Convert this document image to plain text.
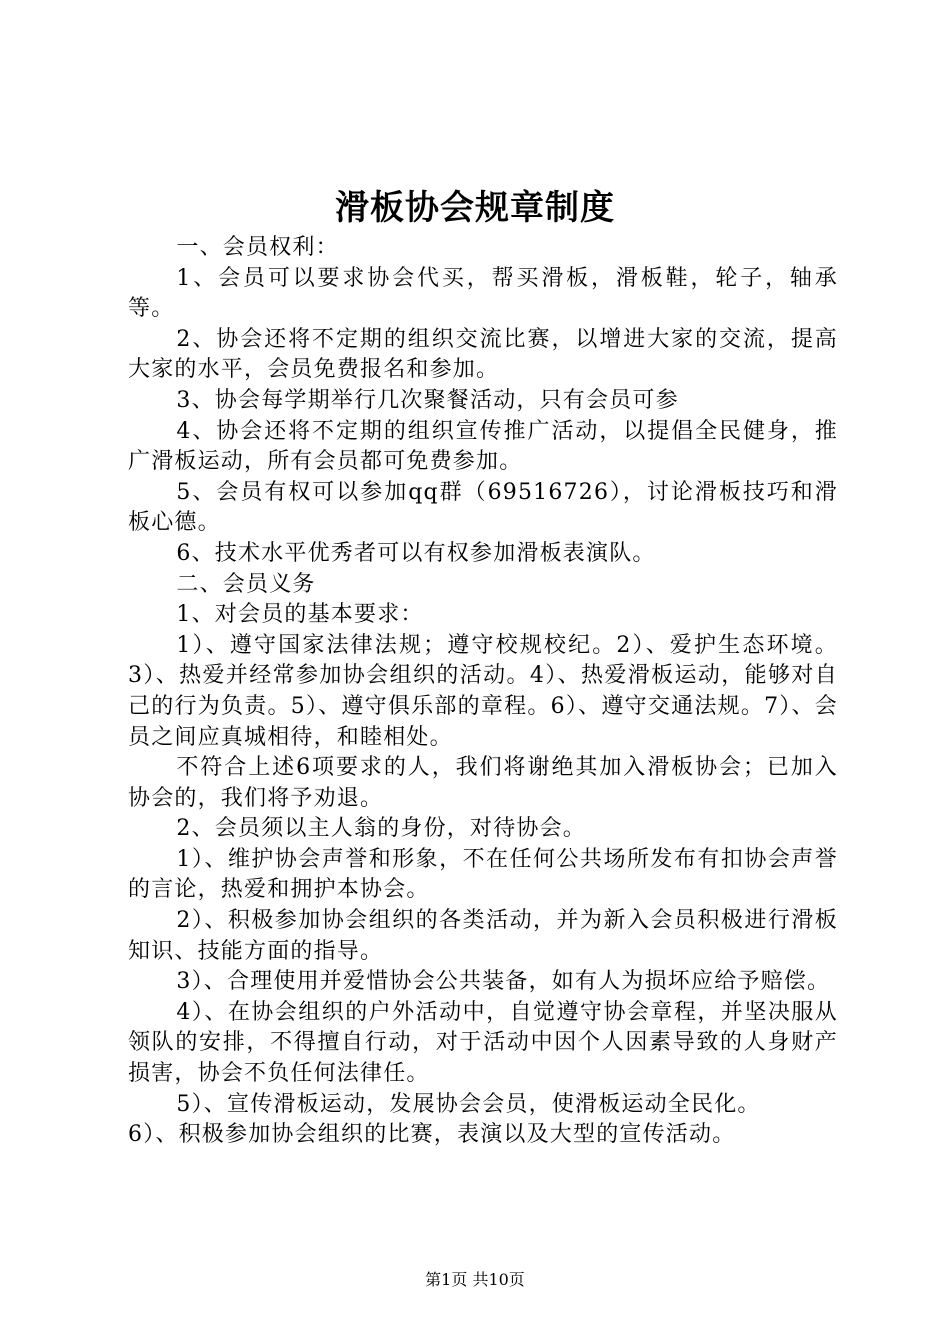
滑板协会规章制度

一、会员权利：

1、会员可以要求协会代买，帮买滑板，滑板鞋，轮子，轴承等。

2、协会还将不定期的组织交流比赛，以增进大家的交流，提高大家的水平，会员免费报名和参加。

3、协会每学期举行几次聚餐活动，只有会员可参

4、协会还将不定期的组织宣传推广活动，以提倡全民健身，推广滑板运动，所有会员都可免费参加。

5、会员有权可以参加qq群（69516726），讨论滑板技巧和滑板心德。

6、技术水平优秀者可以有权参加滑板表演队。

二、会员义务

1、对会员的基本要求：

1）、遵守国家法律法规；遵守校规校纪。2）、爱护生态环境。3）、热爱并经常参加协会组织的活动。4）、热爱滑板运动，能够对自己的行为负责。5）、遵守俱乐部的章程。6）、遵守交通法规。7）、会员之间应真城相待，和睦相处。

不符合上述6项要求的人，我们将谢绝其加入滑板协会；已加入协会的，我们将予劝退。

2、会员须以主人翁的身份，对待协会。

1）、维护协会声誉和形象，不在任何公共场所发布有扣协会声誉的言论，热爱和拥护本协会。

2）、积极参加协会组织的各类活动，并为新入会员积极进行滑板知识、技能方面的指导。

3）、合理使用并爱惜协会公共装备，如有人为损坏应给予赔偿。

4）、在协会组织的户外活动中，自觉遵守协会章程，并坚决服从领队的安排，不得擅自行动，对于活动中因个人因素导致的人身财产损害，协会不负任何法律任。

5）、宣传滑板运动，发展协会会员，使滑板运动全民化。

6）、积极参加协会组织的比赛，表演以及大型的宣传活动。

第1页 共10页
